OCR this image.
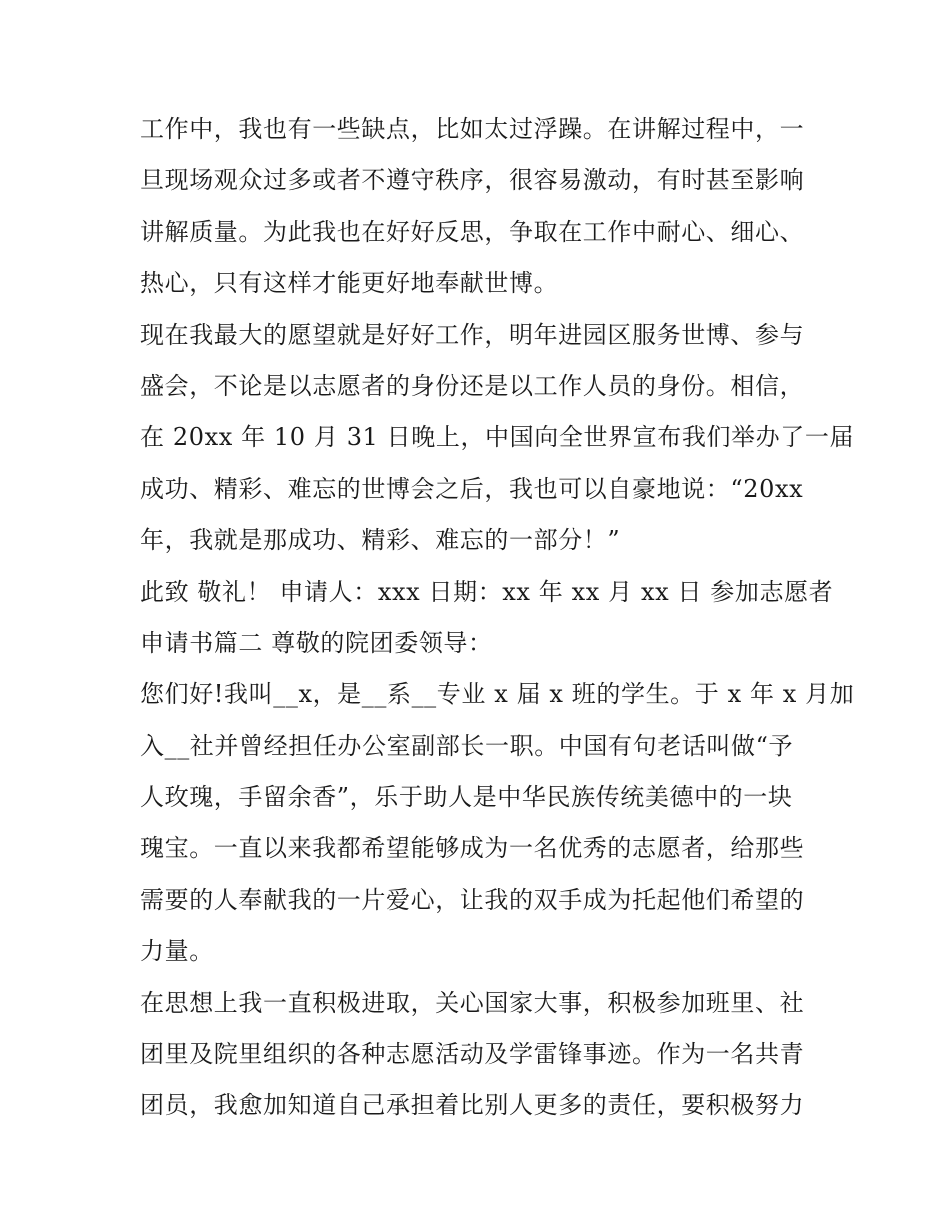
工作中，我也有一些缺点，比如太过浮躁。在讲解过程中，一
旦现场观众过多或者不遵守秩序，很容易激动，有时甚至影响
讲解质量。为此我也在好好反思，争取在工作中耐心、细心、
热心，只有这样才能更好地奉献世博。
现在我最大的愿望就是好好工作，明年进园区服务世博、参与
盛会，不论是以志愿者的身份还是以工作人员的身份。相信，
在 20xx 年 10 月 31 日晚上，中国向全世界宣布我们举办了一届
成功、精彩、难忘的世博会之后，我也可以自豪地说：“20xx
年，我就是那成功、精彩、难忘的一部分！”
此致 敬礼！ 申请人：xxx 日期：xx 年 xx 月 xx 日 参加志愿者
申请书篇二 尊敬的院团委领导：
您们好!我叫__x，是__系__专业 x 届 x 班的学生。于 x 年 x 月加
入__社并曾经担任办公室副部长一职。中国有句老话叫做“予
人玫瑰，手留余香”，乐于助人是中华民族传统美德中的一块
瑰宝。一直以来我都希望能够成为一名优秀的志愿者，给那些
需要的人奉献我的一片爱心，让我的双手成为托起他们希望的
力量。
在思想上我一直积极进取，关心国家大事，积极参加班里、社
团里及院里组织的各种志愿活动及学雷锋事迹。作为一名共青
团员，我愈加知道自己承担着比别人更多的责任，要积极努力
